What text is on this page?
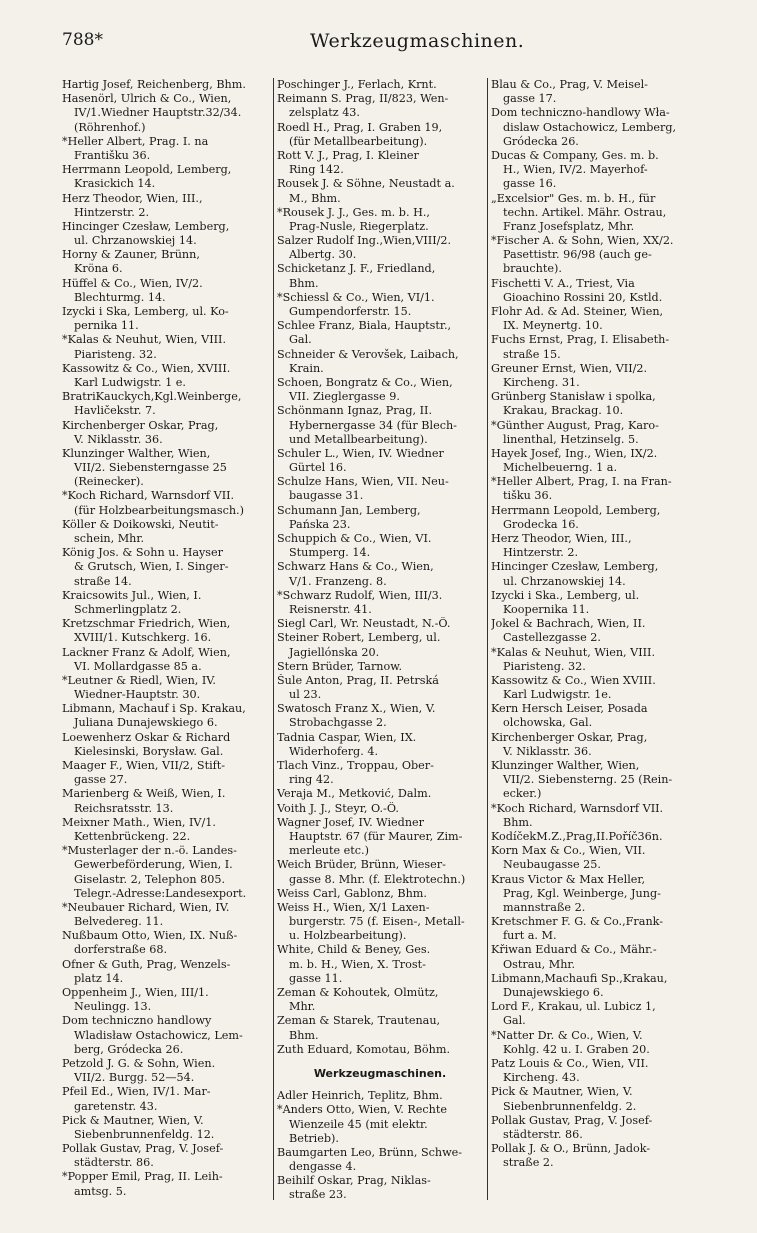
788*	Werkzeugmaschinen.
Hartig Josef, Reichenberg, Bhm.
Hasenörl, Ulrich & Co., Wien,
IV/1.Wiedner Hauptstr.32/34.
(Röhrenhof.)
*Heller Albert, Prag. I. na
Františku 36.
Herrmann Leopold, Lemberg,
Krasickich 14.
Herz Theodor, Wien, III.,
Hintzerstr. 2.
Hincinger Czesław, Lemberg,
ul. Chrzanowskiej 14.
Horny & Zauner, Brünn,
Kröna 6.
Hüffel & Co., Wien, IV/2.
Blechturmg. 14.
Izycki i Ska, Lemberg, ul. Ko-
pernika 11.
*Kalas & Neuhut, Wien, VIII.
Piaristeng. 32.
Kassowitz & Co., Wien, XVIII.
Karl Ludwigstr. 1 e.
BratriKauckych,Kgl.Weinberge,
Havličekstr. 7.
Kirchenberger Oskar, Prag,
V. Niklasstr. 36.
Klunzinger Walther, Wien,
VII/2. Siebensterngasse 25
(Reinecker).
*Koch Richard, Warnsdorf VII.
(für Holzbearbeitungsmasch.)
Köller & Doikowski, Neutit-
schein, Mhr.
König Jos. & Sohn u. Hayser
& Grutsch, Wien, I. Singer-
straße 14.
Kraicsowits Jul., Wien, I.
Schmerlingplatz 2.
Kretzschmar Friedrich, Wien,
XVIII/1. Kutschkerg. 16.
Lackner Franz & Adolf, Wien,
VI. Mollardgasse 85 a.
*Leutner & Riedl, Wien, IV.
Wiedner-Hauptstr. 30.
Libmann, Machauf i Sp. Krakau,
Juliana Dunajewskiego 6.
Loewenherz Oskar & Richard
Kielesinski, Borysław. Gal.
Maager F., Wien, VII/2, Stift-
gasse 27.
Marienberg & Weiß, Wien, I.
Reichsratsstr. 13.
Meixner Math., Wien, IV/1.
Kettenbrückeng. 22.
*Musterlager der n.-ö. Landes-
Gewerbeförderung, Wien, I.
Giselastr. 2, Telephon 805.
Telegr.-Adresse:Landesexport.
*Neubauer Richard, Wien, IV.
Belvedereg. 11.
Nußbaum Otto, Wien, IX. Nuß-
dorferstraße 68.
Ofner & Guth, Prag, Wenzels-
platz 14.
Oppenheim J., Wien, III/1.
Neulingg. 13.
Dom techniczno handlowy
Wladisław Ostachowicz, Lem-
berg, Gródecka 26.
Petzold J. G. & Sohn, Wien.
VII/2. Burgg. 52—54.
Pfeil Ed., Wien, IV/1. Mar-
garetenstr. 43.
Pick & Mautner, Wien, V.
Siebenbrunnenfeldg. 12.
Pollak Gustav, Prag, V. Josef-
städterstr. 86.
*Popper Emil, Prag, II. Leih-
amtsg. 5.
Poschinger J., Ferlach, Krnt.
Reimann S. Prag, II/823, Wen-
zelsplatz 43.
Roedl H., Prag, I. Graben 19,
(für Metallbearbeitung).
Rott V. J., Prag, I. Kleiner
Ring 142.
Rousek J. & Söhne, Neustadt a.
M., Bhm.
*Rousek J. J., Ges. m. b. H.,
Prag-Nusle, Riegerplatz.
Salzer Rudolf Ing.,Wien,VIII/2.
Albertg. 30.
Schicketanz J. F., Friedland,
Bhm.
*Schiessl & Co., Wien, VI/1.
Gumpendorferstr. 15.
Schlee Franz, Biala, Hauptstr.,
Gal.
Schneider & Verovšek, Laibach,
Krain.
Schoen, Bongratz & Co., Wien,
VII. Zieglergasse 9.
Schönmann Ignaz, Prag, II.
Hybernergasse 34 (für Blech-
und Metallbearbeitung).
Schuler L., Wien, IV. Wiedner
Gürtel 16.
Schulze Hans, Wien, VII. Neu-
baugasse 31.
Schumann Jan, Lemberg,
Pańska 23.
Schuppich & Co., Wien, VI.
Stumperg. 14.
Schwarz Hans & Co., Wien,
V/1. Franzeng. 8.
*Schwarz Rudolf, Wien, III/3.
Reisnerstr. 41.
Siegl Carl, Wr. Neustadt, N.-Ö.
Steiner Robert, Lemberg, ul.
Jagiellónska 20.
Stern Brüder, Tarnow.
Šule Anton, Prag, II. Petrská
ul 23.
Swatosch Franz X., Wien, V.
Strobachgasse 2.
Tadnia Caspar, Wien, IX.
Widerhoferg. 4.
Tlach Vinz., Troppau, Ober-
ring 42.
Veraja M., Metković, Dalm.
Voith J. J., Steyr, O.-Ö.
Wagner Josef, IV. Wiedner
Hauptstr. 67 (für Maurer, Zim-
merleute etc.)
Weich Brüder, Brünn, Wieser-
gasse 8. Mhr. (f. Elektrotechn.)
Weiss Carl, Gablonz, Bhm.
Weiss H., Wien, X/1 Laxen-
burgerstr. 75 (f. Eisen-, Metall-
u. Holzbearbeitung).
White, Child & Beney, Ges.
m. b. H., Wien, X. Trost-
gasse 11.
Zeman & Kohoutek, Olmütz,
Mhr.
Zeman & Starek, Trautenau,
Bhm.
Zuth Eduard, Komotau, Böhm.
Werkzeugmaschinen.
Adler Heinrich, Teplitz, Bhm.
*Anders Otto, Wien, V. Rechte
Wienzeile 45 (mit elektr.
Betrieb).
Baumgarten Leo, Brünn, Schwe-
dengasse 4.
Beihilf Oskar, Prag, Niklas-
straße 23.
Blau & Co., Prag, V. Meisel-
gasse 17.
Dom techniczno-handlowy Wła-
dislaw Ostachowicz, Lemberg,
Gródecka 26.
Ducas & Company, Ges. m. b.
H., Wien, IV/2. Mayerhof-
gasse 16.
„Excelsior" Ges. m. b. H., für
techn. Artikel. Mähr. Ostrau,
Franz Josefsplatz, Mhr.
*Fischer A. & Sohn, Wien, XX/2.
Pasettistr. 96/98 (auch ge-
brauchte).
Fischetti V. A., Triest, Via
Gioachino Rossini 20, Kstld.
Flohr Ad. & Ad. Steiner, Wien,
IX. Meynertg. 10.
Fuchs Ernst, Prag, I. Elisabeth-
straße 15.
Greuner Ernst, Wien, VII/2.
Kircheng. 31.
Grünberg Stanisław i spolka,
Krakau, Brackag. 10.
*Günther August, Prag, Karo-
linenthal, Hetzinselg. 5.
Hayek Josef, Ing., Wien, IX/2.
Michelbeuerng. 1 a.
*Heller Albert, Prag, I. na Fran-
tišku 36.
Herrmann Leopold, Lemberg,
Grodecka 16.
Herz Theodor, Wien, III.,
Hintzerstr. 2.
Hincinger Czesław, Lemberg,
ul. Chrzanowskiej 14.
Izycki i Ska., Lemberg, ul.
Koopernika 11.
Jokel & Bachrach, Wien, II.
Castellezgasse 2.
*Kalas & Neuhut, Wien, VIII.
Piaristeng. 32.
Kassowitz & Co., Wien XVIII.
Karl Ludwigstr. 1e.
Kern Hersch Leiser, Posada
olchowska, Gal.
Kirchenberger Oskar, Prag,
V. Niklasstr. 36.
Klunzinger Walther, Wien,
VII/2. Siebensterng. 25 (Rein-
ecker.)
*Koch Richard, Warnsdorf VII.
Bhm.
KodíčekM.Z.,Prag,II.Poříč36n.
Korn Max & Co., Wien, VII.
Neubaugasse 25.
Kraus Victor & Max Heller,
Prag, Kgl. Weinberge, Jung-
mannstraße 2.
Kretschmer F. G. & Co.,Frank-
furt a. M.
Křiwan Eduard & Co., Mähr.-
Ostrau, Mhr.
Libmann,Machaufi Sp.,Krakau,
Dunajewskiego 6.
Lord F., Krakau, ul. Lubicz 1,
Gal.
*Natter Dr. & Co., Wien, V.
Kohlg. 42 u. I. Graben 20.
Patz Louis & Co., Wien, VII.
Kircheng. 43.
Pick & Mautner, Wien, V.
Siebenbrunnenfeldg. 2.
Pollak Gustav, Prag, V. Josef-
städterstr. 86.
Pollak J. & O., Brünn, Jadok-
straße 2.
